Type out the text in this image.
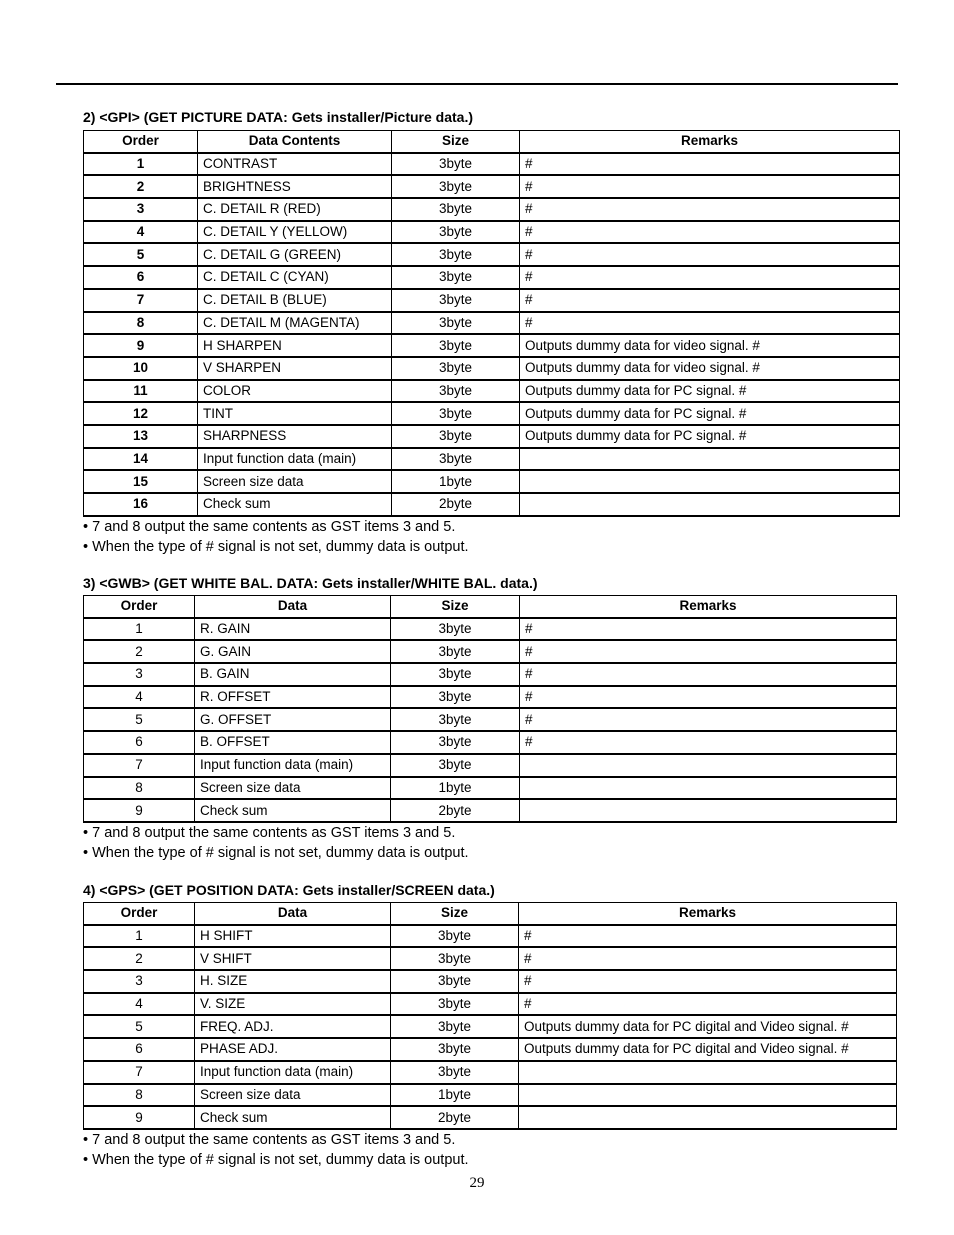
2) <GPI> (GET PICTURE DATA: Gets installer/Picture data.)
Order	Data Contents	Size	Remarks
1	CONTRAST	3byte	#
2	BRIGHTNESS	3byte	#
3	C. DETAIL R (RED)	3byte	#
4	C. DETAIL Y (YELLOW)	3byte	#
5	C. DETAIL G (GREEN)	3byte	#
6	C. DETAIL C (CYAN)	3byte	#
7	C. DETAIL B (BLUE)	3byte	#
8	C. DETAIL M (MAGENTA)	3byte	#
9	H SHARPEN	3byte	Outputs dummy data for video signal. #
10	V SHARPEN	3byte	Outputs dummy data for video signal. #
11	COLOR	3byte	Outputs dummy data for PC signal. #
12	TINT	3byte	Outputs dummy data for PC signal. #
13	SHARPNESS	3byte	Outputs dummy data for PC signal. #
14	Input function data (main)	3byte	
15	Screen size data	1byte	
16	Check sum	2byte	
• 7 and 8 output the same contents as GST items 3 and 5.
• When the type of # signal is not set, dummy data is output.
3) <GWB> (GET WHITE BAL. DATA: Gets installer/WHITE BAL. data.)
Order	Data	Size	Remarks
1	R. GAIN	3byte	#
2	G. GAIN	3byte	#
3	B. GAIN	3byte	#
4	R. OFFSET	3byte	#
5	G. OFFSET	3byte	#
6	B. OFFSET	3byte	#
7	Input function data (main)	3byte	
8	Screen size data	1byte	
9	Check sum	2byte	
• 7 and 8 output the same contents as GST items 3 and 5.
• When the type of # signal is not set, dummy data is output.
4) <GPS> (GET POSITION DATA: Gets installer/SCREEN data.)
Order	Data	Size	Remarks
1	H SHIFT	3byte	#
2	V SHIFT	3byte	#
3	H. SIZE	3byte	#
4	V. SIZE	3byte	#
5	FREQ. ADJ.	3byte	Outputs dummy data for PC digital and Video signal. #
6	PHASE ADJ.	3byte	Outputs dummy data for PC digital and Video signal. #
7	Input function data (main)	3byte	
8	Screen size data	1byte	
9	Check sum	2byte	
• 7 and 8 output the same contents as GST items 3 and 5.
• When the type of # signal is not set, dummy data is output.
29
